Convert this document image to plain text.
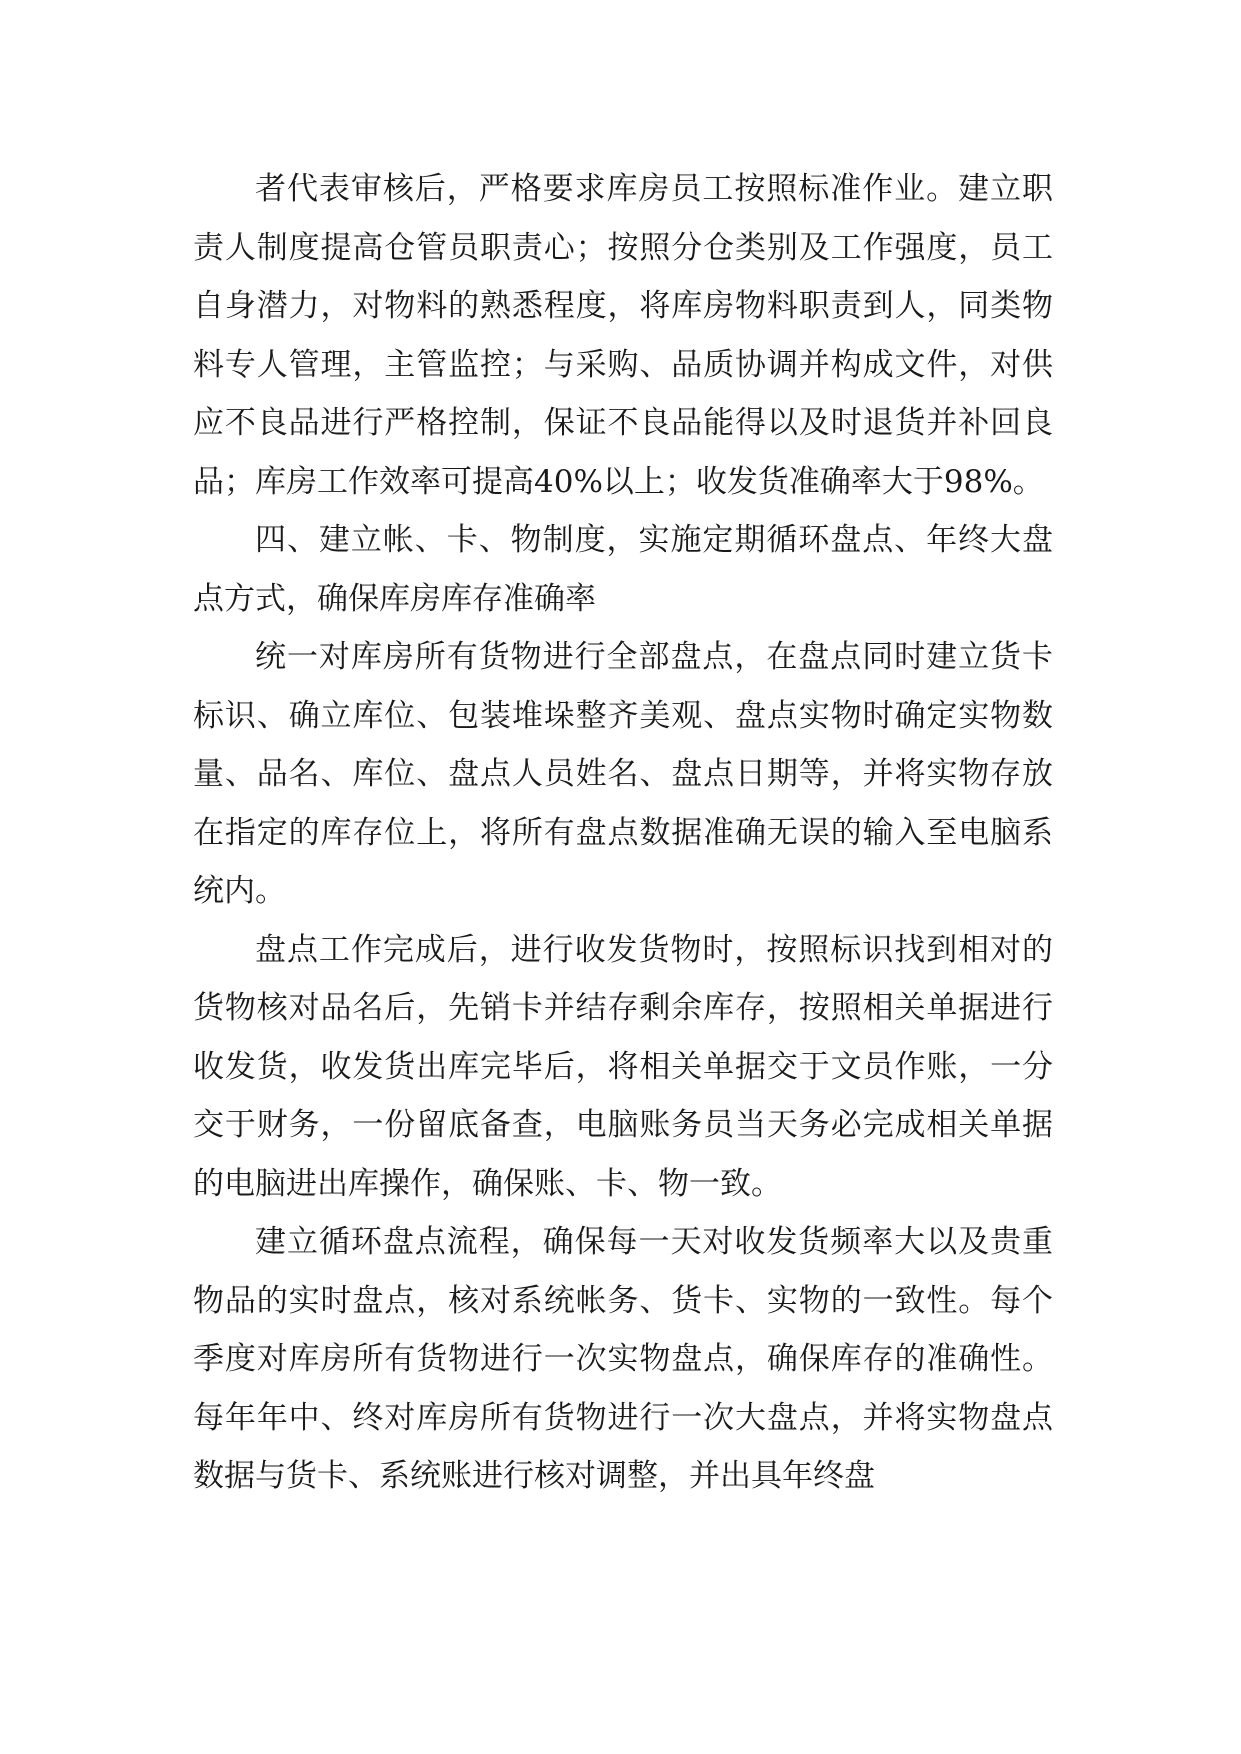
者代表审核后，严格要求库房员工按照标准作业。建立职责人制度提高仓管员职责心；按照分仓类别及工作强度，员工自身潜力，对物料的熟悉程度，将库房物料职责到人，同类物料专人管理，主管监控；与采购、品质协调并构成文件，对供应不良品进行严格控制，保证不良品能得以及时退货并补回良品；库房工作效率可提高40%以上；收发货准确率大于98%。

四、建立帐、卡、物制度，实施定期循环盘点、年终大盘点方式，确保库房库存准确率

统一对库房所有货物进行全部盘点，在盘点同时建立货卡标识、确立库位、包装堆垛整齐美观、盘点实物时确定实物数量、品名、库位、盘点人员姓名、盘点日期等，并将实物存放在指定的库存位上，将所有盘点数据准确无误的输入至电脑系统内。

盘点工作完成后，进行收发货物时，按照标识找到相对的货物核对品名后，先销卡并结存剩余库存，按照相关单据进行收发货，收发货出库完毕后，将相关单据交于文员作账，一分交于财务，一份留底备查，电脑账务员当天务必完成相关单据的电脑进出库操作，确保账、卡、物一致。

建立循环盘点流程，确保每一天对收发货频率大以及贵重物品的实时盘点，核对系统帐务、货卡、实物的一致性。每个季度对库房所有货物进行一次实物盘点，确保库存的准确性。每年年中、终对库房所有货物进行一次大盘点，并将实物盘点数据与货卡、系统账进行核对调整，并出具年终盘
